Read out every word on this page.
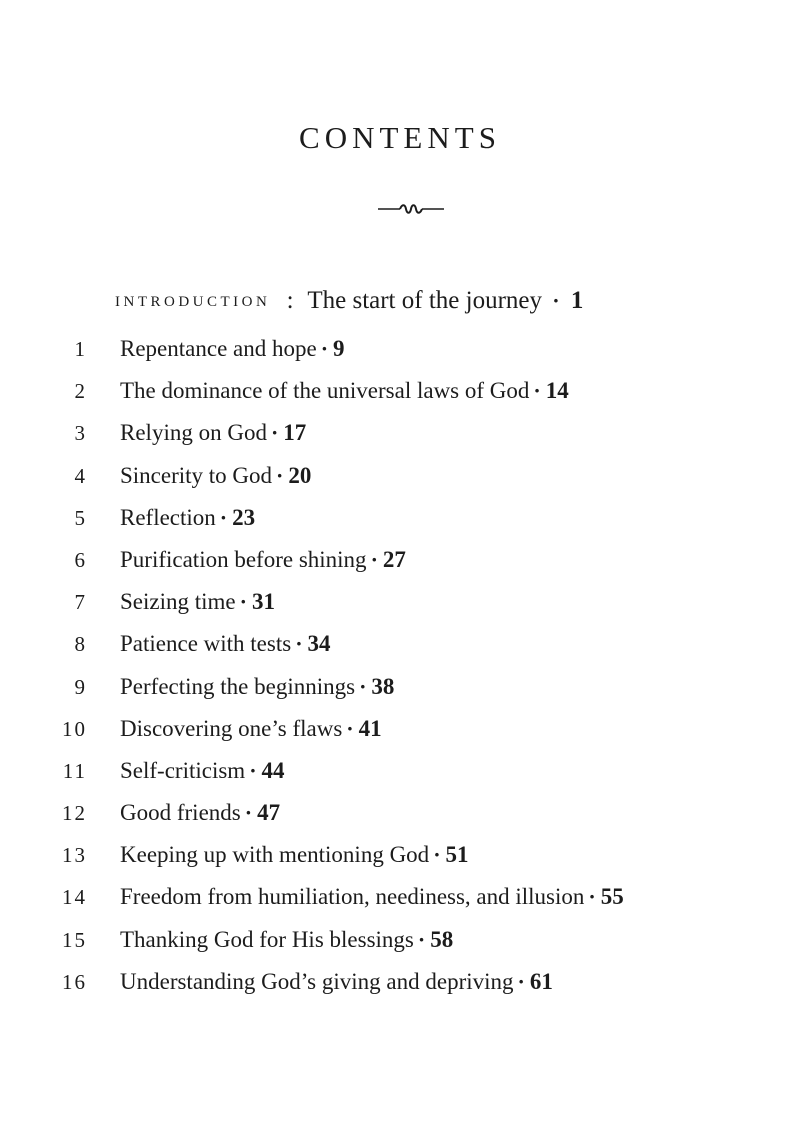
contents
INTRODUCTION : The start of the journey · 1
1	Repentance and hope · 9
2	The dominance of the universal laws of God · 14
3	Relying on God · 17
4	Sincerity to God · 20
5	Reflection · 23
6	Purification before shining · 27
7	Seizing time · 31
8	Patience with tests · 34
9	Perfecting the beginnings · 38
10	Discovering one’s flaws · 41
11	Self-criticism · 44
12	Good friends · 47
13	Keeping up with mentioning God · 51
14	Freedom from humiliation, neediness, and illusion · 55
15	Thanking God for His blessings · 58
16	Understanding God’s giving and depriving · 61
